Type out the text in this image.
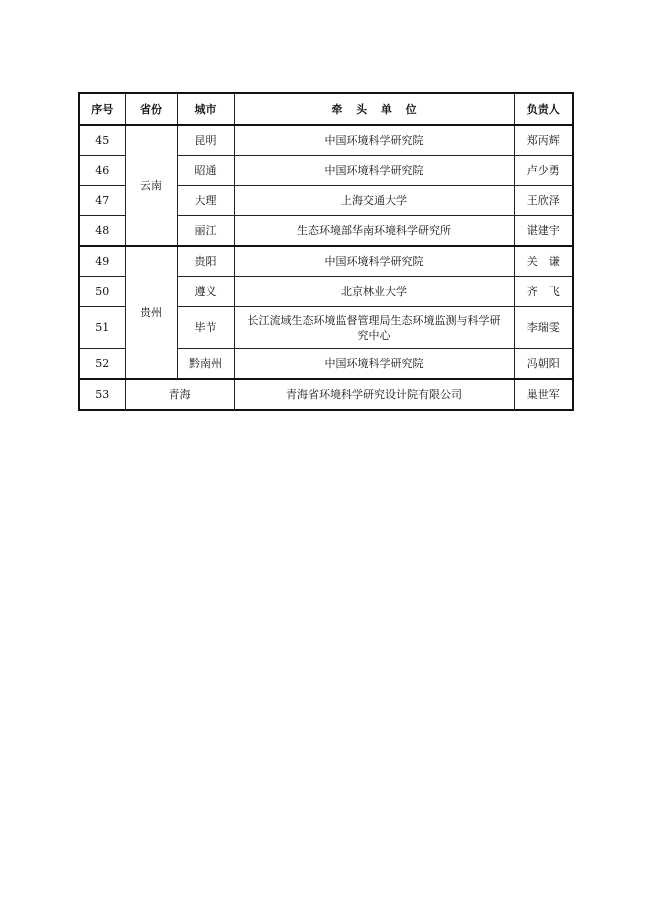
序号	省份	城市	牵 头 单 位	负责人
45	云南	昆明	中国环境科学研究院	郑丙辉
46		昭通	中国环境科学研究院	卢少勇
47		大理	上海交通大学	王欣泽
48		丽江	生态环境部华南环境科学研究所	谌建宇
49	贵州	贵阳	中国环境科学研究院	关　谦
50		遵义	北京林业大学	齐　飞
51		毕节	长江流域生态环境监督管理局生态环境监测与科学研究中心	李瑞雯
52		黔南州	中国环境科学研究院	冯朝阳
53	青海		青海省环境科学研究设计院有限公司	巢世军
